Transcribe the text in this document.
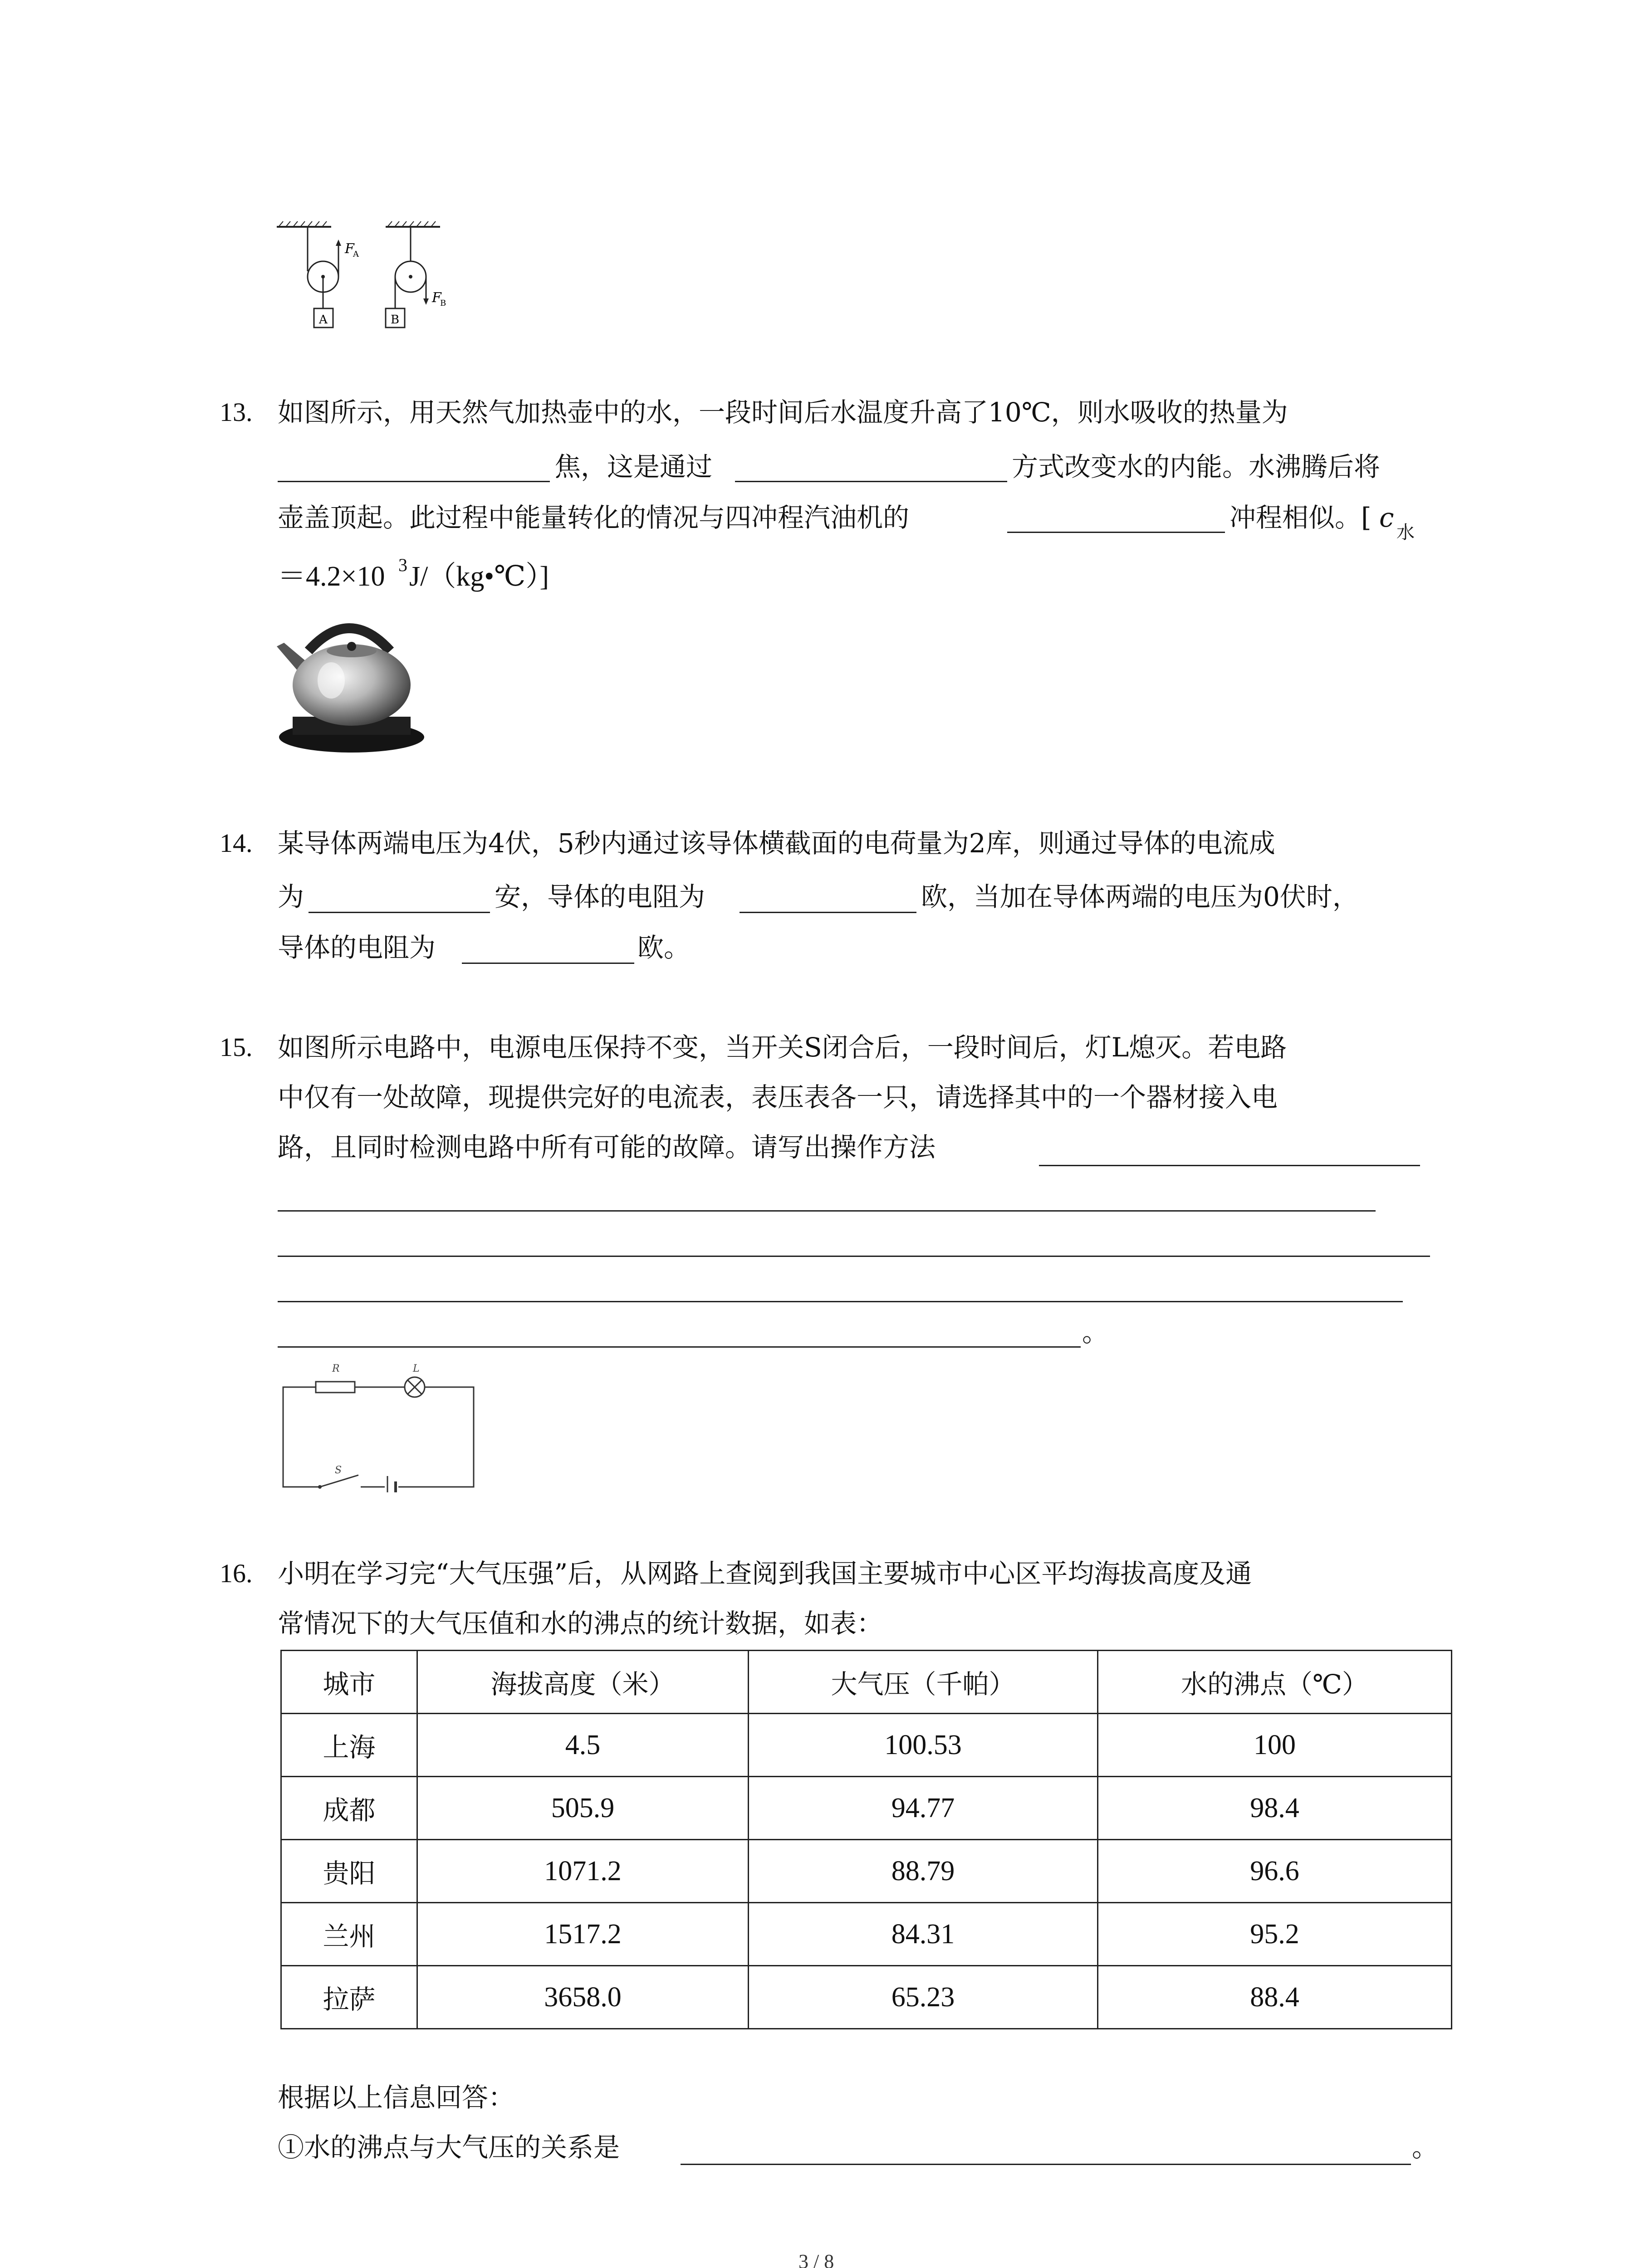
F
A
F
B
A	B
13. 如图所示，用天然气加热壶中的水，一段时间后水温度升高了10℃，则水吸收的热量为
焦，这是通过	方式改变水的内能。水沸腾后将
壶盖顶起。此过程中能量转化的情况与四冲程汽油机的	冲程相似。[ c 水
＝4.2×10 3 J/（kg•℃）]
14. 某导体两端电压为4伏，5秒内通过该导体横截面的电荷量为2库，则通过导体的电流成
为	安，导体的电阻为	欧，当加在导体两端的电压为0伏时，
导体的电阻为	欧。
15. 如图所示电路中，电源电压保持不变，当开关S闭合后，一段时间后，灯L熄灭。若电路
中仅有一处故障，现提供完好的电流表，表压表各一只，请选择其中的一个器材接入电
路，且同时检测电路中所有可能的故障。请写出操作方法
。
R	L
S
16. 小明在学习完“大气压强”后，从网路上查阅到我国主要城市中心区平均海拔高度及通
常情况下的大气压值和水的沸点的统计数据，如表：
城市	海拔高度（米）	大气压（千帕）	水的沸点（℃）
上海	4.5	100.53	100
成都	505.9	94.77	98.4
贵阳	1071.2	88.79	96.6
兰州	1517.2	84.31	95.2
拉萨	3658.0	65.23	88.4
根据以上信息回答：
①水的沸点与大气压的关系是	。
3 / 8
